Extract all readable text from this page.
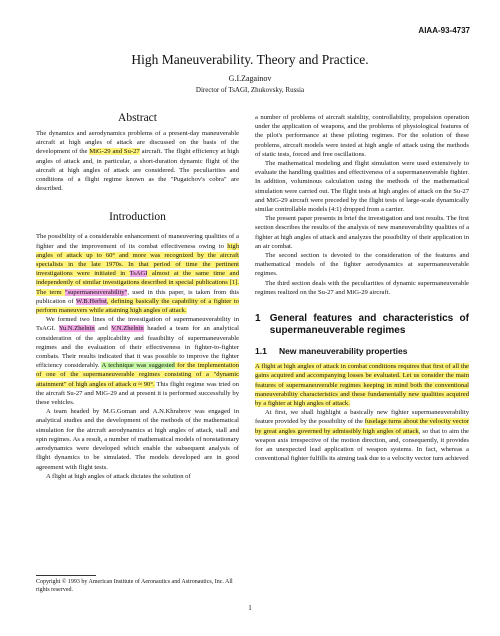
AIAA-93-4737
High Maneuverability. Theory and Practice.
G.I.Zagainov
Director of TsAGI, Zhukovsky, Russia
Abstract

The dynamics and aerodynamics problems of a present-day maneuverable aircraft at high angles of attack are discussed on the basis of the development of the MiG-29 and Su-27 aircraft. The flight efficiency at high angles of attack and, in particular, a short-duration dynamic flight of the aircraft at high angles of attack are considered. The peculiarities and conditions of a flight regime known as the "Pugatchov's cobra" are described.

Introduction

The possibility of a considerable enhancement of maneuvering qualities of a fighter and the improvement of its combat effectiveness owing to high angles of attack up to 60° and more was recognized by the aircraft specialists in the late 1970s. In that period of time the pertinent investigations were initiated in TsAGI almost at the same time and independently of similar investigations described in special publications [1]. The term "supermaneuverability", used in this paper, is taken from this publication of W.B.Herbst, defining basically the capability of a fighter to perform maneuvers while attaining high angles of attack.

We formed two lines of the investigation of supermaneuverability in TsAGI. Yu.N.Zhelnin and V.N.Zhelnin headed a team for an analytical consideration of the applicability and feasibility of supermaneuverable regimes and the evaluation of their effectiveness in fighter-to-fighter combats. Their results indicated that it was possible to improve the fighter efficiency considerably. A technique was suggested for the implementation of one of the supermaneuverable regimes consisting of a "dynamic attainment" of high angles of attack α ≈ 90°. This flight regime was tried on the aircraft Su-27 and MiG-29 and at present it is performed successfully by these vehicles.

A team headed by M.G.Goman and A.N.Khrabrov was engaged in analytical studies and the development of the methods of the mathematical simulation for the aircraft aerodynamics at high angles of attack, stall and spin regimes. As a result, a number of mathematical models of nonstationary aerodynamics were developed which enable the subsequent analysis of flight dynamics to be simulated. The models developed are in good agreement with flight tests.

A flight at high angles of attack dictates the solution of

a number of problems of aircraft stability, controllability, propulsion operation under the application of weapons, and the problems of physiological features of the pilot's performance at these piloting regimes. For the solution of these problems, aircraft models were tested at high angle of attack using the methods of static tests, forced and free oscillations.

The mathematical modeling and flight simulation were used extensively to evaluate the handling qualities and effectiveness of a supermaneuverable fighter. In addition, voluminous calculation using the methods of the mathematical simulation were carried out. The flight tests at high angles of attack on the Su-27 and MiG-29 aircraft were preceded by the flight tests of large-scale dynamically similar controllable models (4:1) dropped from a carrier.

The present paper presents in brief the investigation and test results. The first section describes the results of the analysis of new maneuverability qualities of a fighter at high angles of attack and analyzes the possibility of their application in an air combat.

The second section is devoted to the consideration of the features and mathematical models of the fighter aerodynamics at supermaneuverable regimes.

The third section deals with the peculiarities of dynamic supermaneuverable regimes realized on the Su-27 and MiG-29 aircraft.

1 General features and characteristics of supermaneuverable regimes
1.1	New maneuverability properties

A flight at high angles of attack in combat conditions requires that first of all the gains acquired and accompanying losses be evaluated. Let us consider the main features of supermaneuverable regimes keeping in mind both the conventional maneuverability characteristics and these fundamentally new qualities acquired by a fighter at high angles of attack.

At first, we shall highlight a basically new fighter supermaneuverability feature provided by the possibility of the fuselage turns about the velocity vector by great angles governed by admissibly high angles of attack, so that to aim the weapon axis irrespective of the motion direction, and, consequently, it provides for an unexpected lead application of weapon systems. In fact, whereas a conventional fighter fulfills its aiming task due to a velocity vector turn achieved

Copyright © 1993 by American Institute of Aeronautics and Astronautics, Inc. All rights reserved.
1
